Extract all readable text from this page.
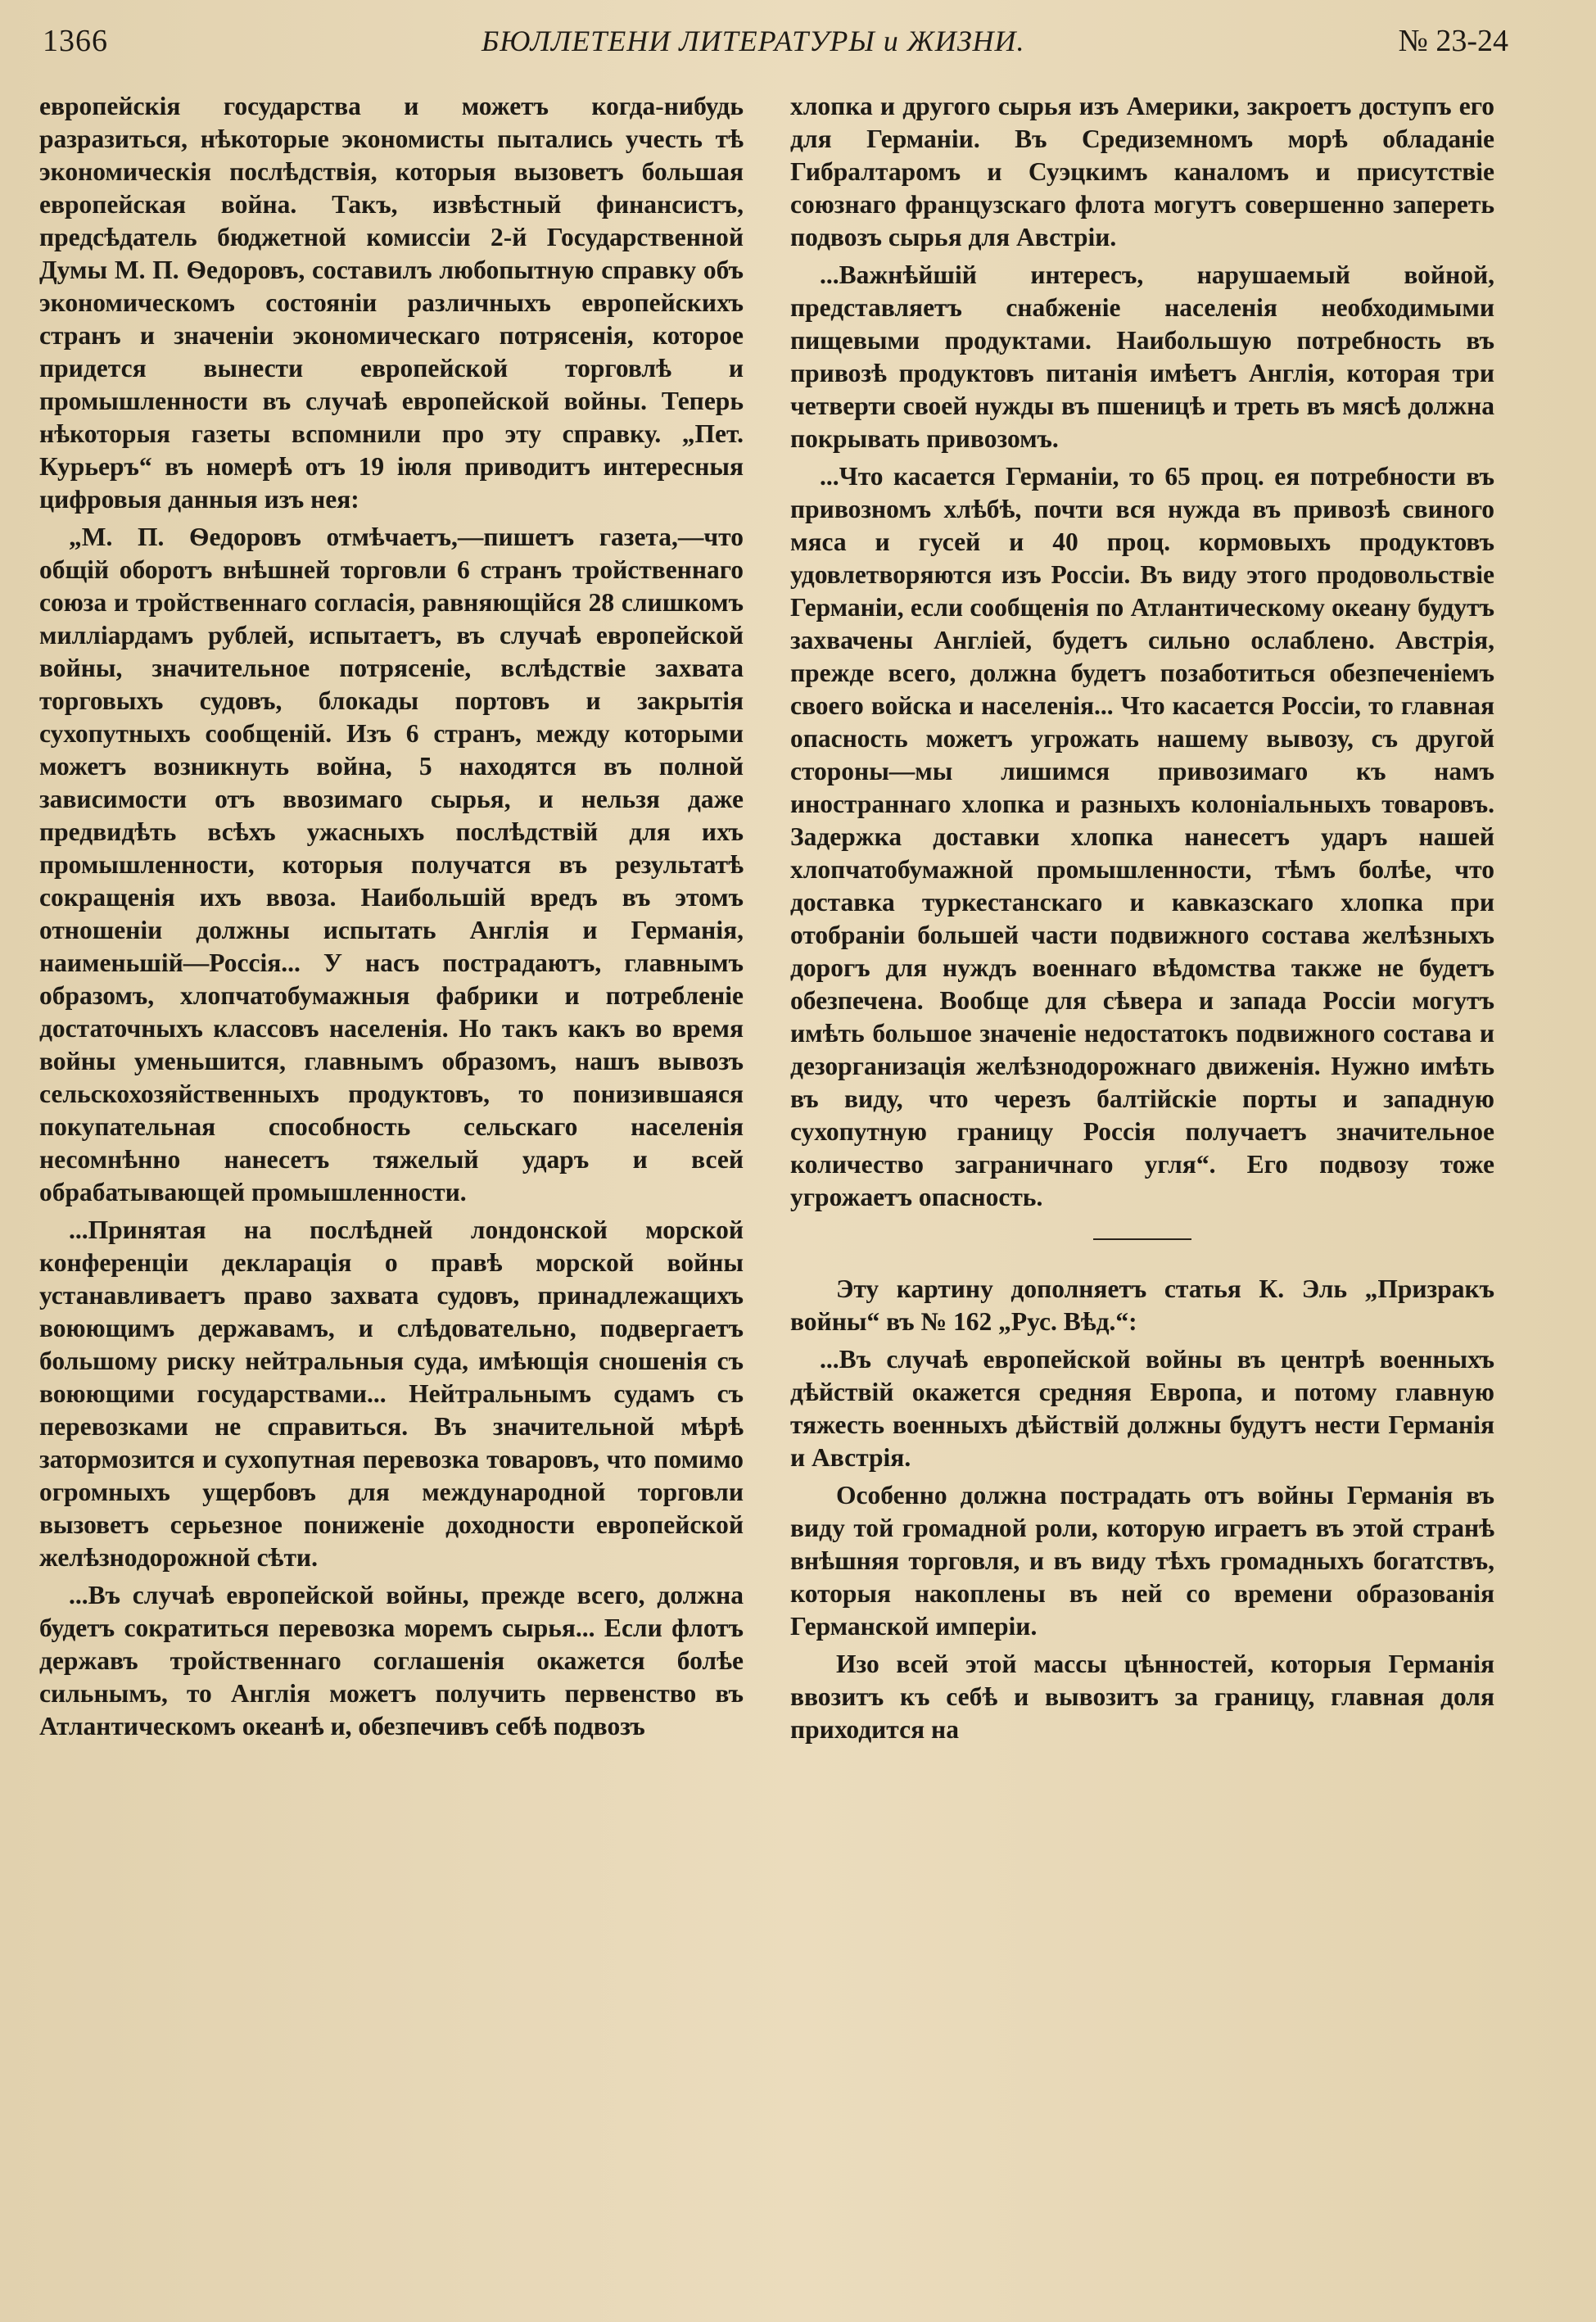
1366	БЮЛЛЕТЕНИ ЛИТЕРАТУРЫ и ЖИЗНИ.	№ 23-24

европейскія государства и можетъ когда-нибудь разразиться, нѣкоторые экономисты пытались учесть тѣ экономическія послѣдствія, которыя вызоветъ большая европейская война. Такъ, извѣстный финансистъ, предсѣдатель бюджетной комиссіи 2-й Государственной Думы М. П. Ѳедоровъ, составилъ любопытную справку объ экономическомъ состояніи различныхъ европейскихъ странъ и значеніи экономическаго потрясенія, которое придется вынести европейской торговлѣ и промышленности въ случаѣ европейской войны. Теперь нѣкоторыя газеты вспомнили про эту справку. „Пет. Курьеръ“ въ номерѣ отъ 19 іюля приводитъ интересныя цифровыя данныя изъ нея:

„М. П. Ѳедоровъ отмѣчаетъ,—пишетъ газета,—что общій оборотъ внѣшней торговли 6 странъ тройственнаго союза и тройственнаго согласія, равняющійся 28 слишкомъ милліардамъ рублей, испытаетъ, въ случаѣ европейской войны, значительное потрясеніе, вслѣдствіе захвата торговыхъ судовъ, блокады портовъ и закрытія сухопутныхъ сообщеній. Изъ 6 странъ, между которыми можетъ возникнуть война, 5 находятся въ полной зависимости отъ ввозимаго сырья, и нельзя даже предвидѣть всѣхъ ужасныхъ послѣдствій для ихъ промышленности, которыя получатся въ результатѣ сокращенія ихъ ввоза. Наибольшій вредъ въ этомъ отношеніи должны испытать Англія и Германія, наименьшій—Россія... У насъ пострадаютъ, главнымъ образомъ, хлопчатобумажныя фабрики и потребленіе достаточныхъ классовъ населенія. Но такъ какъ во время войны уменьшится, главнымъ образомъ, нашъ вывозъ сельскохозяйственныхъ продуктовъ, то понизившаяся покупательная способность сельскаго населенія несомнѣнно нанесетъ тяжелый ударъ и всей обрабатывающей промышленности.

...Принятая на послѣдней лондонской морской конференціи декларація о правѣ морской войны устанавливаетъ право захвата судовъ, принадлежащихъ воюющимъ державамъ, и слѣдовательно, подвергаетъ большому риску нейтральныя суда, имѣющія сношенія съ воюющими государствами... Нейтральнымъ судамъ съ перевозками не справиться. Въ значительной мѣрѣ затормозится и сухопутная перевозка товаровъ, что помимо огромныхъ ущербовъ для международной торговли вызоветъ серьезное пониженіе доходности европейской желѣзнодорожной сѣти.

...Въ случаѣ европейской войны, прежде всего, должна будетъ сократиться перевозка моремъ сырья... Если флотъ державъ тройственнаго соглашенія окажется болѣе сильнымъ, то Англія можетъ получить первенство въ Атлантическомъ океанѣ и, обезпечивъ себѣ подвозъ

хлопка и другого сырья изъ Америки, закроетъ доступъ его для Германіи. Въ Средиземномъ морѣ обладаніе Гибралтаромъ и Суэцкимъ каналомъ и присутствіе союзнаго французскаго флота могутъ совершенно запереть подвозъ сырья для Австріи.

...Важнѣйшій интересъ, нарушаемый войной, представляетъ снабженіе населенія необходимыми пищевыми продуктами. Наибольшую потребность въ привозѣ продуктовъ питанія имѣетъ Англія, которая три четверти своей нужды въ пшеницѣ и треть въ мясѣ должна покрывать привозомъ.

...Что касается Германіи, то 65 проц. ея потребности въ привозномъ хлѣбѣ, почти вся нужда въ привозѣ свиного мяса и гусей и 40 проц. кормовыхъ продуктовъ удовлетворяются изъ Россіи. Въ виду этого продовольствіе Германіи, если сообщенія по Атлантическому океану будутъ захвачены Англіей, будетъ сильно ослаблено. Австрія, прежде всего, должна будетъ позаботиться обезпеченіемъ своего войска и населенія... Что касается Россіи, то главная опасность можетъ угрожать нашему вывозу, съ другой стороны—мы лишимся привозимаго къ намъ иностраннаго хлопка и разныхъ колоніальныхъ товаровъ. Задержка доставки хлопка нанесетъ ударъ нашей хлопчатобумажной промышленности, тѣмъ болѣе, что доставка туркестанскаго и кавказскаго хлопка при отобраніи большей части подвижного состава желѣзныхъ дорогъ для нуждъ военнаго вѣдомства также не будетъ обезпечена. Вообще для сѣвера и запада Россіи могутъ имѣть большое значеніе недостатокъ подвижного состава и дезорганизація желѣзнодорожнаго движенія. Нужно имѣть въ виду, что черезъ балтійскіе порты и западную сухопутную границу Россія получаетъ значительное количество заграничнаго угля“. Его подвозу тоже угрожаетъ опасность.

Эту картину дополняетъ статья К. Эль „Призракъ войны“ въ № 162 „Рус. Вѣд.“:

...Въ случаѣ европейской войны въ центрѣ военныхъ дѣйствій окажется средняя Европа, и потому главную тяжесть военныхъ дѣйствій должны будутъ нести Германія и Австрія.

Особенно должна пострадать отъ войны Германія въ виду той громадной роли, которую играетъ въ этой странѣ внѣшняя торговля, и въ виду тѣхъ громадныхъ богатствъ, которыя накоплены въ ней со времени образованія Германской имперіи.

Изо всей этой массы цѣнностей, которыя Германія ввозитъ къ себѣ и вывозитъ за границу, главная доля приходится на
